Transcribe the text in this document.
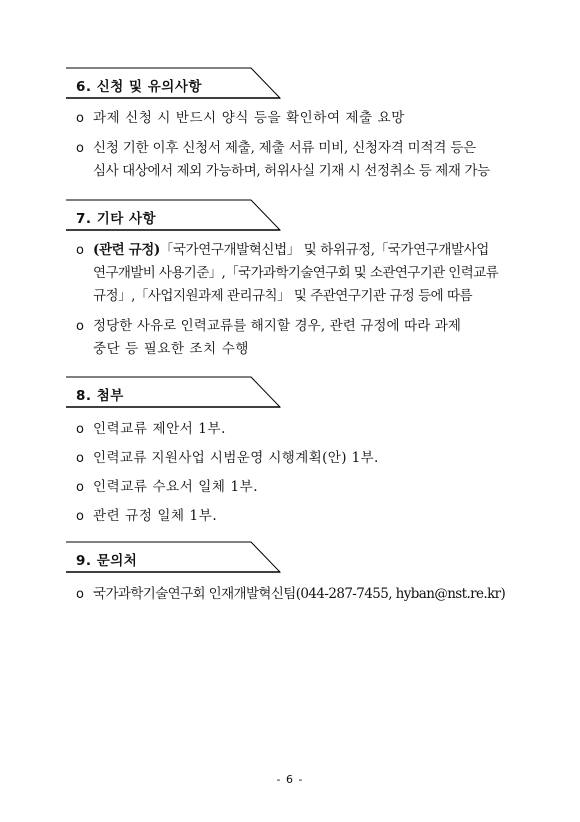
6. 신청 및 유의사항
o 과제 신청 시 반드시 양식 등을 확인하여 제출 요망
o 신청 기한 이후 신청서 제출, 제출 서류 미비, 신청자격 미적격 등은
심사 대상에서 제외 가능하며, 허위사실 기재 시 선정취소 등 제재 가능
7. 기타 사항
o (관련 규정)「국가연구개발혁신법」 및 하위규정,「국가연구개발사업
연구개발비 사용기준」,「국가과학기술연구회 및 소관연구기관 인력교류
규정」,「사업지원과제 관리규칙」 및 주관연구기관 규정 등에 따름
o 정당한 사유로 인력교류를 해지할 경우, 관련 규정에 따라 과제
중단 등 필요한 조치 수행
8. 첨부
o 인력교류 제안서 1부.
o 인력교류 지원사업 시범운영 시행계획(안) 1부.
o 인력교류 수요서 일체 1부.
o 관련 규정 일체 1부.
9. 문의처
o 국가과학기술연구회 인재개발혁신팀(044-287-7455, hyban@nst.re.kr)
- 6 -
